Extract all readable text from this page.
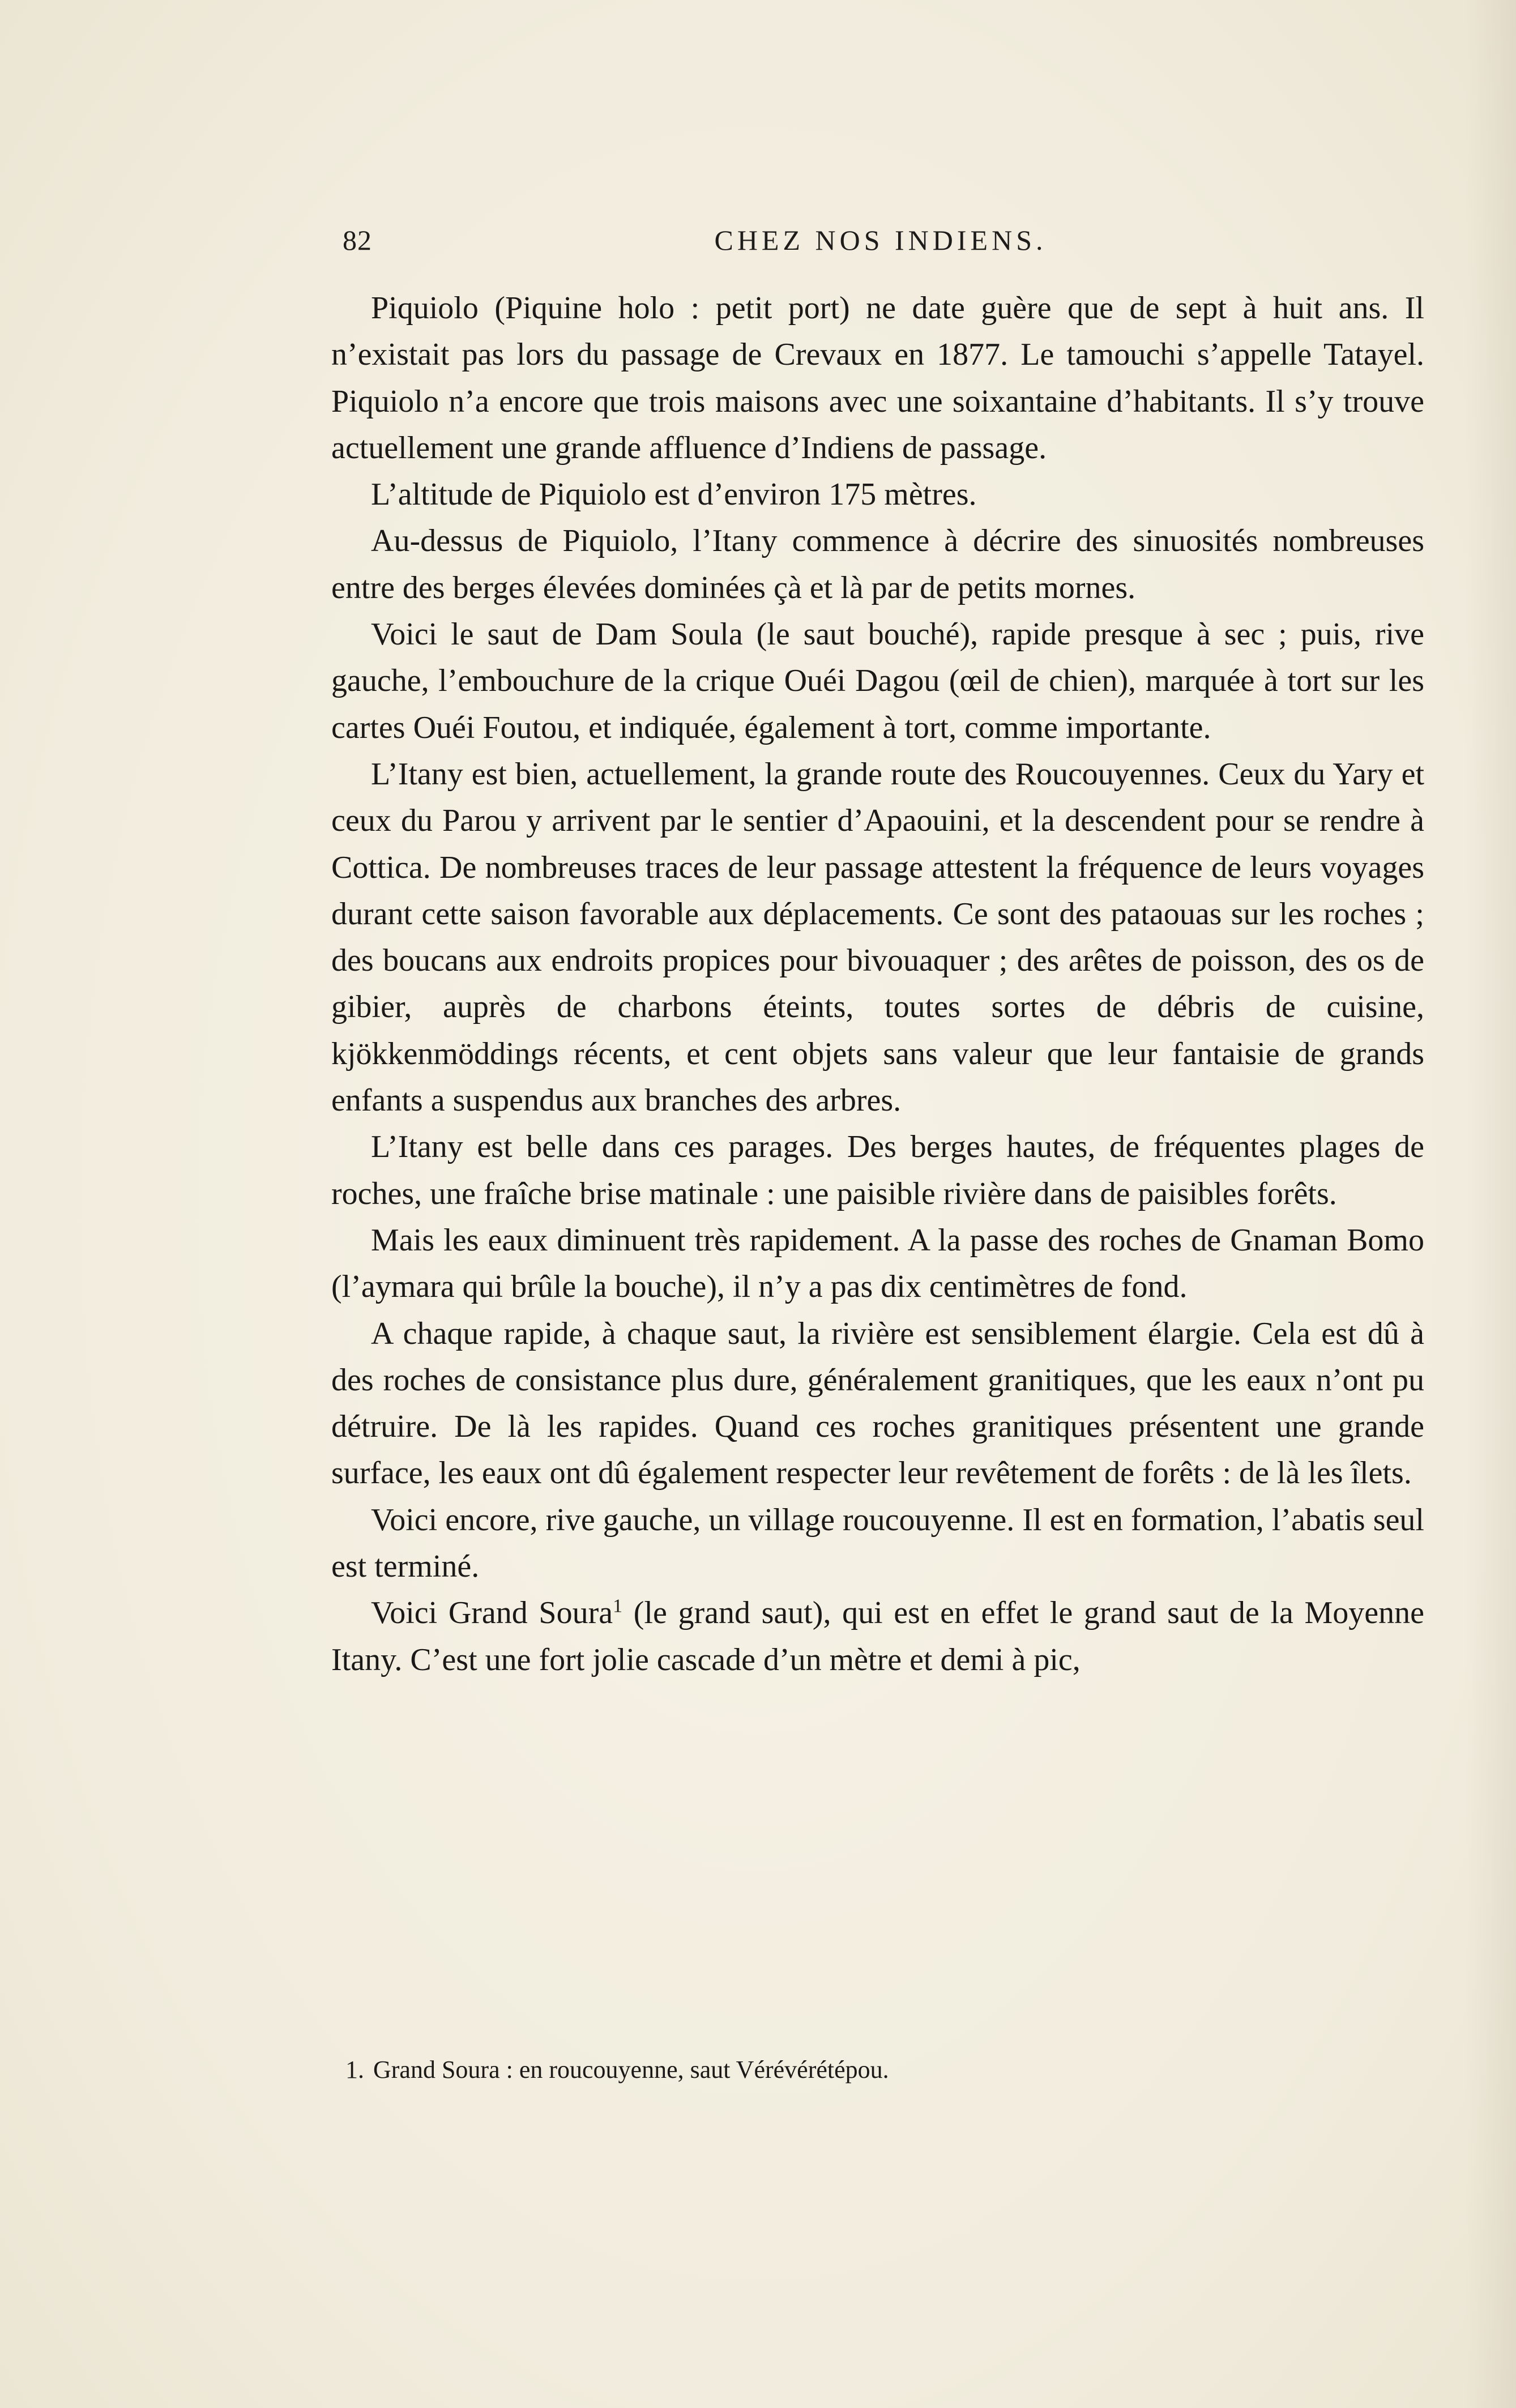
82	CHEZ NOS INDIENS.

Piquiolo (Piquine holo : petit port) ne date guère que de sept à huit ans. Il n’existait pas lors du passage de Crevaux en 1877. Le tamouchi s’appelle Tatayel. Piquiolo n’a encore que trois maisons avec une soixantaine d’habitants. Il s’y trouve actuellement une grande affluence d’Indiens de passage.

L’altitude de Piquiolo est d’environ 175 mètres.

Au-dessus de Piquiolo, l’Itany commence à décrire des sinuosités nombreuses entre des berges élevées dominées çà et là par de petits mornes.

Voici le saut de Dam Soula (le saut bouché), rapide presque à sec ; puis, rive gauche, l’embouchure de la crique Ouéi Dagou (œil de chien), marquée à tort sur les cartes Ouéi Foutou, et indiquée, également à tort, comme importante.

L’Itany est bien, actuellement, la grande route des Roucouyennes. Ceux du Yary et ceux du Parou y arrivent par le sentier d’Apaouini, et la descendent pour se rendre à Cottica. De nombreuses traces de leur passage attestent la fréquence de leurs voyages durant cette saison favorable aux déplacements. Ce sont des pataouas sur les roches ; des boucans aux endroits propices pour bivouaquer ; des arêtes de poisson, des os de gibier, auprès de charbons éteints, toutes sortes de débris de cuisine, kjökkenmöddings récents, et cent objets sans valeur que leur fantaisie de grands enfants a suspendus aux branches des arbres.

L’Itany est belle dans ces parages. Des berges hautes, de fréquentes plages de roches, une fraîche brise matinale : une paisible rivière dans de paisibles forêts.

Mais les eaux diminuent très rapidement. A la passe des roches de Gnaman Bomo (l’aymara qui brûle la bouche), il n’y a pas dix centimètres de fond.

A chaque rapide, à chaque saut, la rivière est sensiblement élargie. Cela est dû à des roches de consistance plus dure, généralement granitiques, que les eaux n’ont pu détruire. De là les rapides. Quand ces roches granitiques présentent une grande surface, les eaux ont dû également respecter leur revêtement de forêts : de là les îlets.

Voici encore, rive gauche, un village roucouyenne. Il est en formation, l’abatis seul est terminé.

Voici Grand Soura$^1$ (le grand saut), qui est en effet le grand saut de la Moyenne Itany. C’est une fort jolie cascade d’un mètre et demi à pic,

1. Grand Soura : en roucouyenne, saut Vérévérétépou.
